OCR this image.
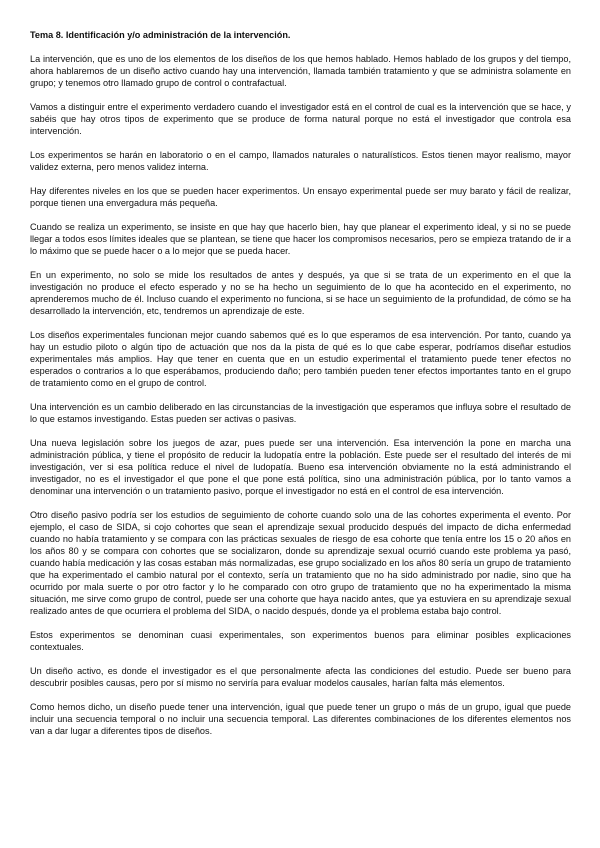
Tema 8. Identificación y/o administración de la intervención.

La intervención, que es uno de los elementos de los diseños de los que hemos hablado. Hemos hablado de los grupos y del tiempo, ahora hablaremos de un diseño activo cuando hay una intervención, llamada también tratamiento y que se administra solamente en grupo; y tenemos otro llamado grupo de control o contrafactual.

Vamos a distinguir entre el experimento verdadero cuando el investigador está en el control de cual es la intervención que se hace, y sabéis que hay otros tipos de experimento que se produce de forma natural porque no está el investigador que controla esa intervención.

Los experimentos se harán en laboratorio o en el campo, llamados naturales o naturalísticos. Estos tienen mayor realismo, mayor validez externa, pero menos validez interna.

Hay diferentes niveles en los que se pueden hacer experimentos. Un ensayo experimental puede ser muy barato y fácil de realizar, porque tienen una envergadura más pequeña.

Cuando se realiza un experimento, se insiste en que hay que hacerlo bien, hay que planear el experimento ideal, y si no se puede llegar a todos esos límites ideales que se plantean, se tiene que hacer los compromisos necesarios, pero se empieza tratando de ir a lo máximo que se puede hacer o a lo mejor que se pueda hacer.

En un experimento, no solo se mide los resultados de antes y después, ya que si se trata de un experimento en el que la investigación no produce el efecto esperado y no se ha hecho un seguimiento de lo que ha acontecido en el experimento, no aprenderemos mucho de él. Incluso cuando el experimento no funciona, si se hace un seguimiento de la profundidad, de cómo se ha desarrollado la intervención, etc, tendremos un aprendizaje de este.

Los diseños experimentales funcionan mejor cuando sabemos qué es lo que esperamos de esa intervención. Por tanto, cuando ya hay un estudio piloto o algún tipo de actuación que nos da la pista de qué es lo que cabe esperar, podríamos diseñar estudios experimentales más amplios. Hay que tener en cuenta que en un estudio experimental el tratamiento puede tener efectos no esperados o contrarios a lo que esperábamos, produciendo daño; pero también pueden tener efectos importantes tanto en el grupo de tratamiento como en el grupo de control.

Una intervención es un cambio deliberado en las circunstancias de la investigación que esperamos que influya sobre el resultado de lo que estamos investigando. Estas pueden ser activas o pasivas.

Una nueva legislación sobre los juegos de azar, pues puede ser una intervención. Esa intervención la pone en marcha una administración pública, y tiene el propósito de reducir la ludopatía entre la población. Este puede ser el resultado del interés de mi investigación, ver si esa política reduce el nivel de ludopatía. Bueno esa intervención obviamente no la está administrando el investigador, no es el investigador el que pone el que pone está política, sino una administración pública, por lo tanto vamos a denominar una intervención o un tratamiento pasivo, porque el investigador no está en el control de esa intervención.

Otro diseño pasivo podría ser los estudios de seguimiento de cohorte cuando solo una de las cohortes experimenta el evento. Por ejemplo, el caso de SIDA, si cojo cohortes que sean el aprendizaje sexual producido después del impacto de dicha enfermedad cuando no había tratamiento y se compara con las prácticas sexuales de riesgo de esa cohorte que tenía entre los 15 o 20 años en los años 80 y se compara con cohortes que se socializaron, donde su aprendizaje sexual ocurrió cuando este problema ya pasó, cuando había medicación y las cosas estaban más normalizadas, ese grupo socializado en los años 80 sería un grupo de tratamiento que ha experimentado el cambio natural por el contexto, sería un tratamiento que no ha sido administrado por nadie, sino que ha ocurrido por mala suerte o por otro factor y lo he comparado con otro grupo de tratamiento que no ha experimentado la misma situación, me sirve como grupo de control, puede ser una cohorte que haya nacido antes, que ya estuviera en su aprendizaje sexual realizado antes de que ocurriera el problema del SIDA, o nacido después, donde ya el problema estaba bajo control.

Estos experimentos se denominan cuasi experimentales, son experimentos buenos para eliminar posibles explicaciones contextuales.

Un diseño activo, es donde el investigador es el que personalmente afecta las condiciones del estudio. Puede ser bueno para descubrir posibles causas, pero por sí mismo no serviría para evaluar modelos causales, harían falta más elementos.

Como hemos dicho, un diseño puede tener una intervención, igual que puede tener un grupo o más de un grupo, igual que puede incluir una secuencia temporal o no incluir una secuencia temporal. Las diferentes combinaciones de los diferentes elementos nos van a dar lugar a diferentes tipos de diseños.
